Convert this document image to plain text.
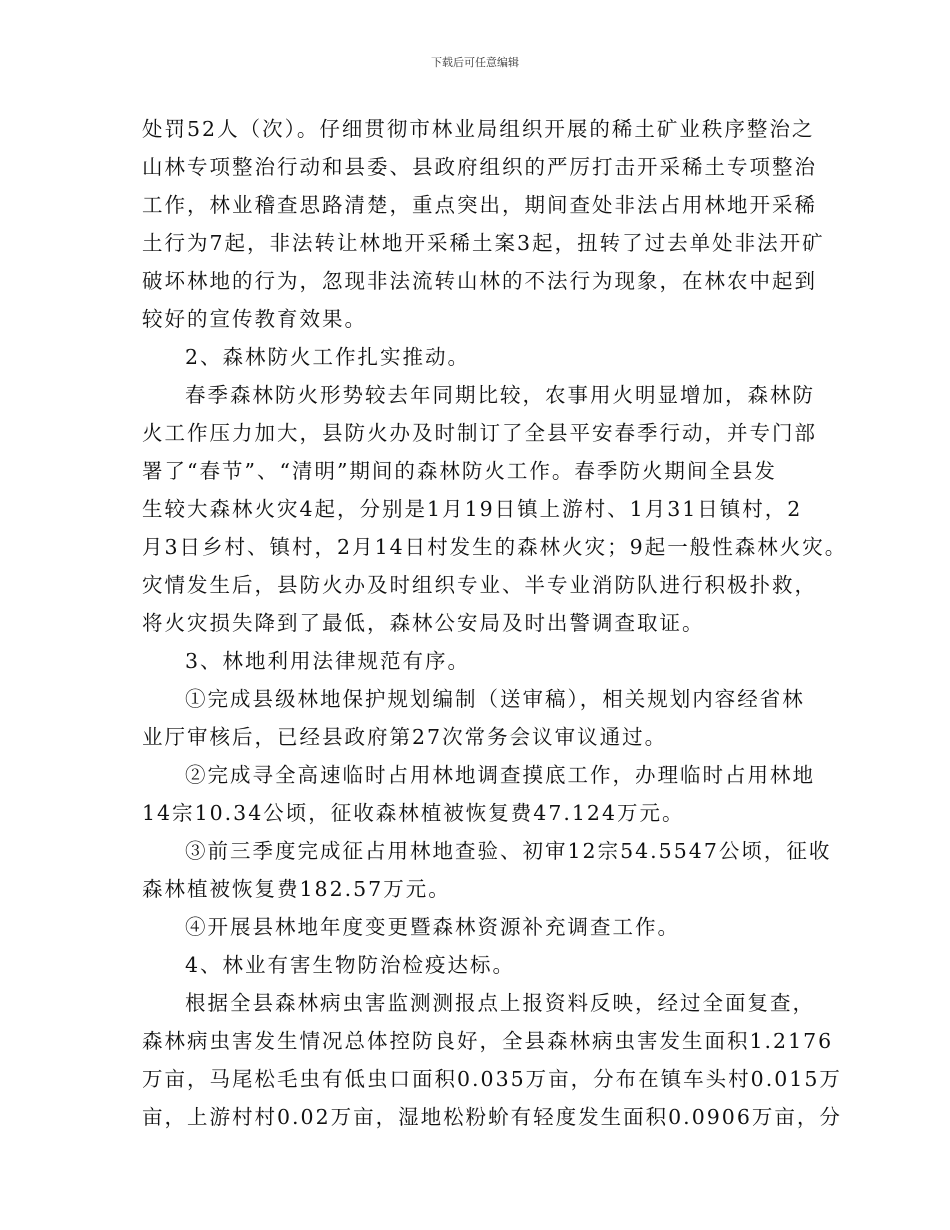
下载后可任意编辑
处罚52人（次）。仔细贯彻市林业局组织开展的稀土矿业秩序整治之
山林专项整治行动和县委、县政府组织的严厉打击开采稀土专项整治
工作，林业稽查思路清楚，重点突出，期间查处非法占用林地开采稀
土行为7起，非法转让林地开采稀土案3起，扭转了过去单处非法开矿
破坏林地的行为，忽现非法流转山林的不法行为现象，在林农中起到
较好的宣传教育效果。
2、森林防火工作扎实推动。
春季森林防火形势较去年同期比较，农事用火明显增加，森林防
火工作压力加大，县防火办及时制订了全县平安春季行动，并专门部
署了“春节”、“清明”期间的森林防火工作。春季防火期间全县发
生较大森林火灾4起，分别是1月19日镇上游村、1月31日镇村，2
月3日乡村、镇村，2月14日村发生的森林火灾；9起一般性森林火灾。
灾情发生后，县防火办及时组织专业、半专业消防队进行积极扑救，
将火灾损失降到了最低，森林公安局及时出警调查取证。
3、林地利用法律规范有序。
①完成县级林地保护规划编制（送审稿），相关规划内容经省林
业厅审核后，已经县政府第27次常务会议审议通过。
②完成寻全高速临时占用林地调查摸底工作，办理临时占用林地
14宗10.34公顷，征收森林植被恢复费47.124万元。
③前三季度完成征占用林地查验、初审12宗54.5547公顷，征收
森林植被恢复费182.57万元。
④开展县林地年度变更暨森林资源补充调查工作。
4、林业有害生物防治检疫达标。
根据全县森林病虫害监测测报点上报资料反映，经过全面复查，
森林病虫害发生情况总体控防良好，全县森林病虫害发生面积1.2176
万亩，马尾松毛虫有低虫口面积0.035万亩，分布在镇车头村0.015万
亩，上游村村0.02万亩，湿地松粉蚧有轻度发生面积0.0906万亩，分
